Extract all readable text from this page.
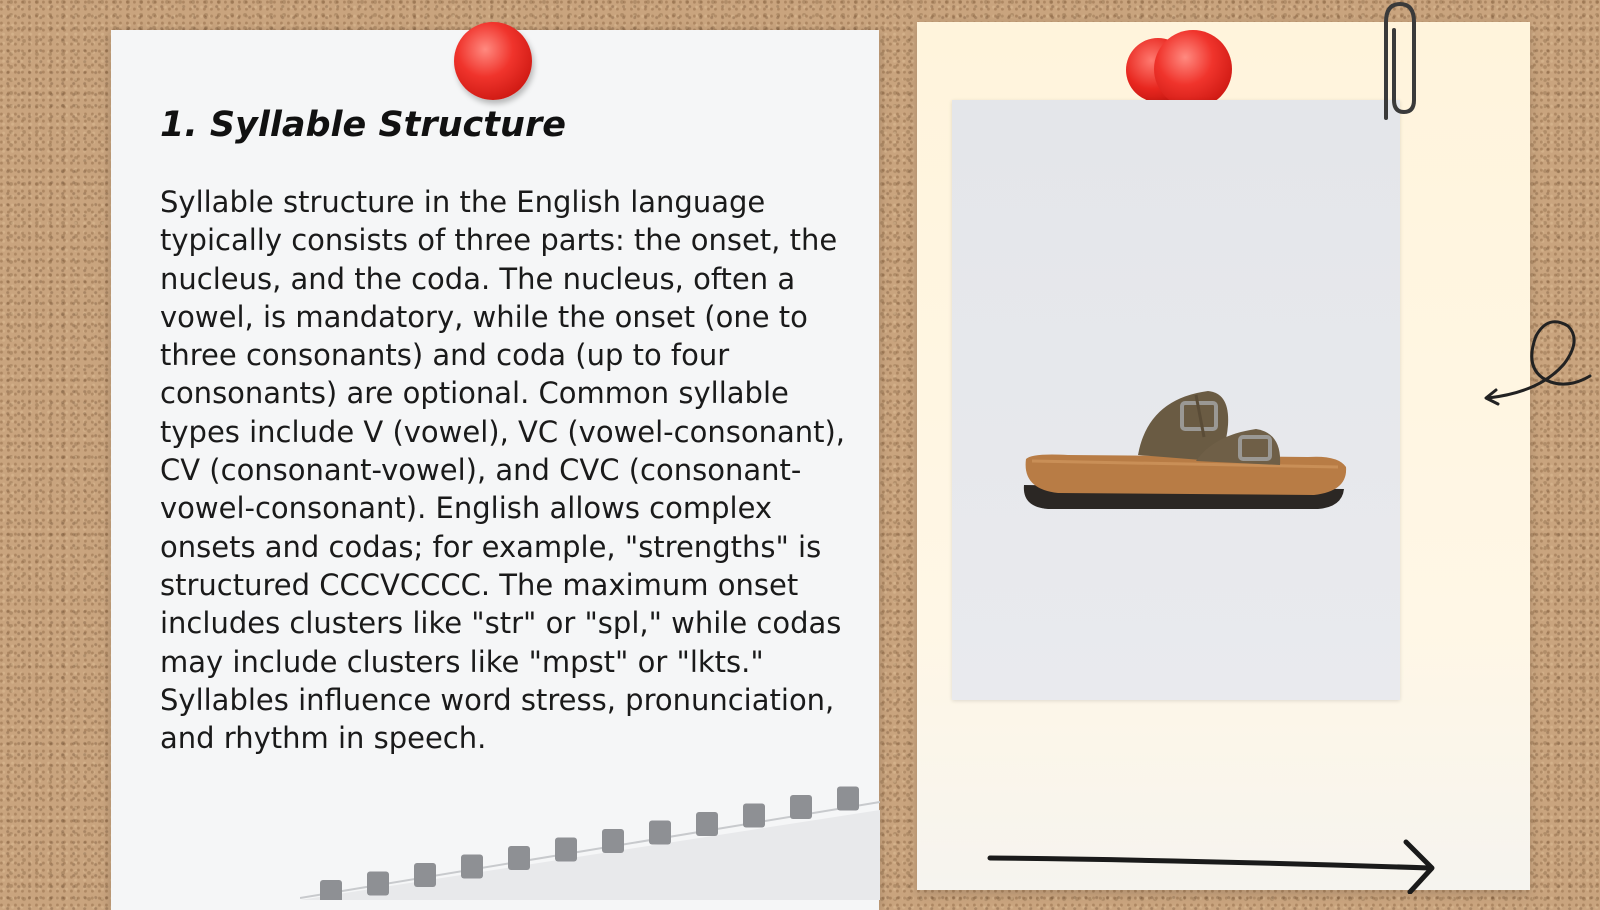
1. Syllable Structure

Syllable structure in the English language typically consists of three parts: the onset, the nucleus, and the coda. The nucleus, often a vowel, is mandatory, while the onset (one to three consonants) and coda (up to four consonants) are optional. Common syllable types include V (vowel), VC (vowel-consonant), CV (consonant-vowel), and CVC (consonant-vowel-consonant). English allows complex onsets and codas; for example, "strengths" is structured CCCVCCCC. The maximum onset includes clusters like "str" or "spl," while codas may include clusters like "mpst" or "lkts." Syllables influence word stress, pronunciation, and rhythm in speech.
